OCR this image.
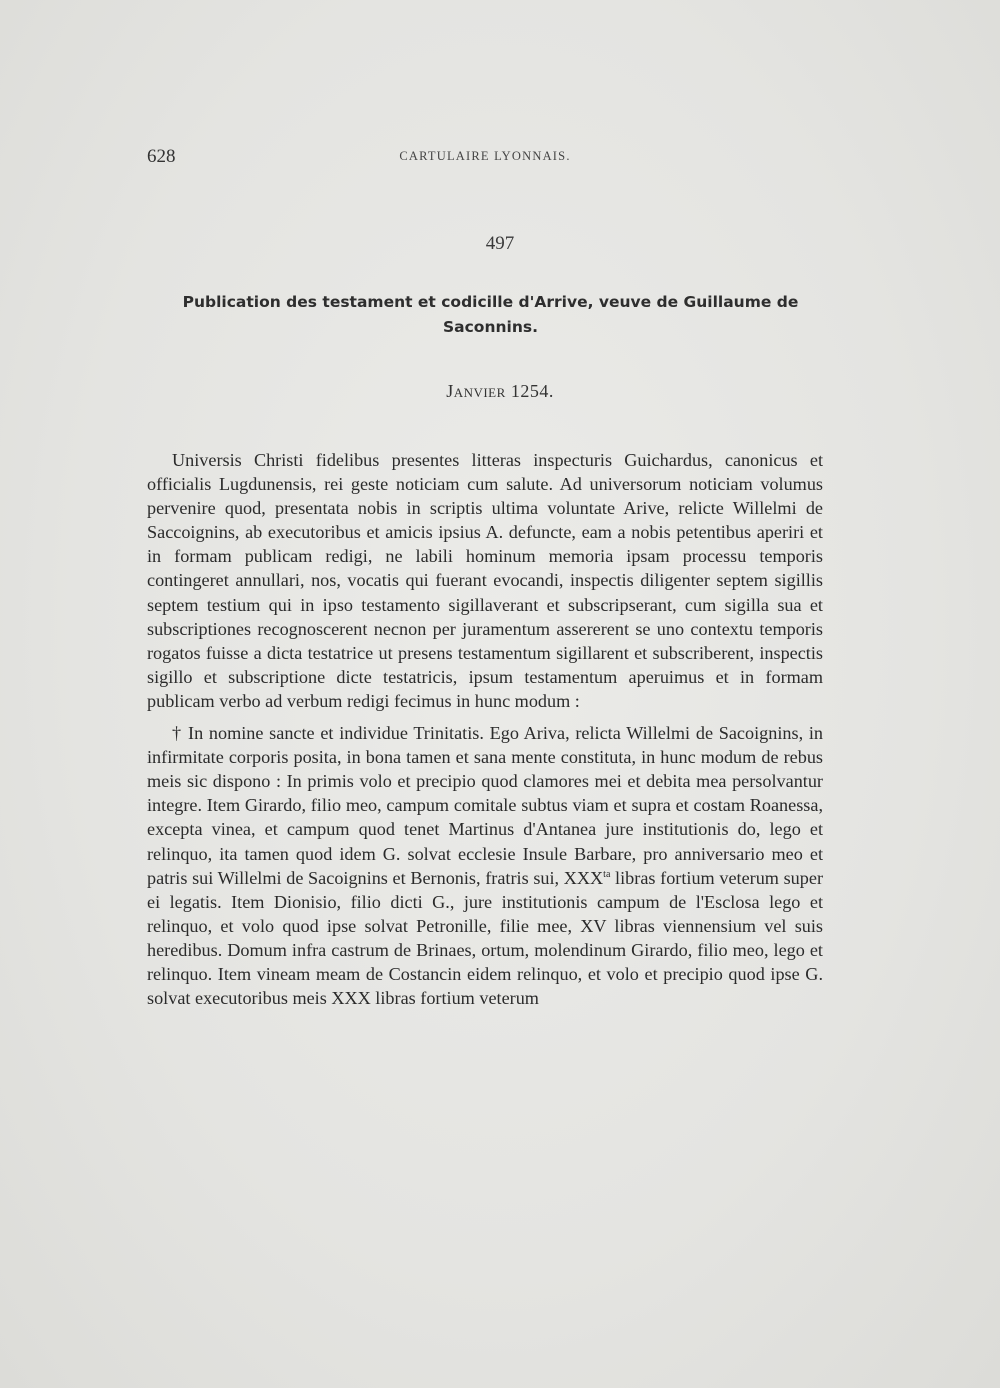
628	CARTULAIRE LYONNAIS.
497
Publication des testament et codicille d'Arrive, veuve de Guillaume de Saconnins.
Janvier 1254.

Universis Christi fidelibus presentes litteras inspecturis Guichardus, canonicus et officialis Lugdunensis, rei geste noticiam cum salute. Ad universorum noticiam volumus pervenire quod, presentata nobis in scriptis ultima voluntate Arive, relicte Willelmi de Saccoignins, ab executoribus et amicis ipsius A. defuncte, eam a nobis petentibus aperiri et in formam publicam redigi, ne labili hominum memoria ipsam processu temporis contingeret annullari, nos, vocatis qui fuerant evocandi, inspectis diligenter septem sigillis septem testium qui in ipso testamento sigillaverant et subscripserant, cum sigilla sua et subscriptiones recognoscerent necnon per juramentum assererent se uno contextu temporis rogatos fuisse a dicta testatrice ut presens testamentum sigillarent et subscriberent, inspectis sigillo et subscriptione dicte testatricis, ipsum testamentum aperuimus et in formam publicam verbo ad verbum redigi fecimus in hunc modum :

† In nomine sancte et individue Trinitatis. Ego Ariva, relicta Willelmi de Sacoignins, in infirmitate corporis posita, in bona tamen et sana mente constituta, in hunc modum de rebus meis sic dispono : In primis volo et precipio quod clamores mei et debita mea persolvantur integre. Item Girardo, filio meo, campum comitale subtus viam et supra et costam Roanessa, excepta vinea, et campum quod tenet Martinus d'Antanea jure institutionis do, lego et relinquo, ita tamen quod idem G. solvat ecclesie Insule Barbare, pro anniversario meo et patris sui Willelmi de Sacoignins et Bernonis, fratris sui, $XXX^{ta}$ libras fortium veterum super ei legatis. Item Dionisio, filio dicti G., jure institutionis campum de l'Esclosa lego et relinquo, et volo quod ipse solvat Petronille, filie mee, XV libras viennensium vel suis heredibus. Domum infra castrum de Brinaes, ortum, molendinum Girardo, filio meo, lego et relinquo. Item vineam meam de Costancin eidem relinquo, et volo et precipio quod ipse G. solvat executoribus meis XXX libras fortium veterum
